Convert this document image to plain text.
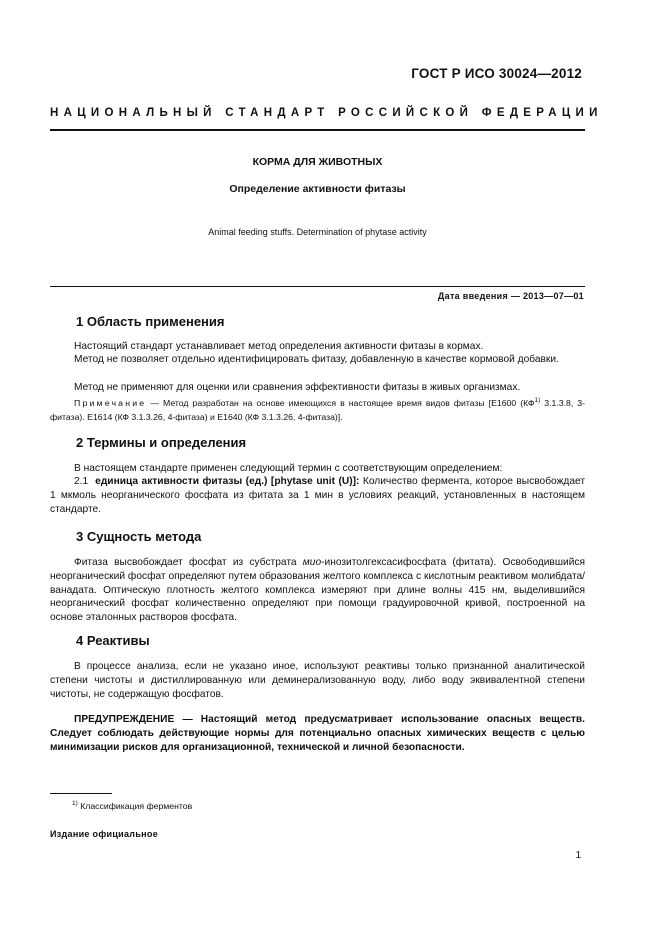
ГОСТ Р ИСО 30024—2012
НАЦИОНАЛЬНЫЙ СТАНДАРТ РОССИЙСКОЙ ФЕДЕРАЦИИ
КОРМА ДЛЯ ЖИВОТНЫХ
Определение активности фитазы
Animal feeding stuffs. Determination of phytase activity
Дата введения — 2013—07—01
1 Область применения
Настоящий стандарт устанавливает метод определения активности фитазы в кормах.
Метод не позволяет отдельно идентифицировать фитазу, добавленную в качестве кормовой добавки.
Метод не применяют для оценки или сравнения эффективности фитазы в живых организмах.
Примечание — Метод разработан на основе имеющихся в настоящее время видов фитазы [Е1600 (КФ$^{1)}$ 3.1.3.8, 3-фитаза). Е1614 (КФ 3.1.3.26, 4-фитаза) и Е1640 (КФ 3.1.3.26, 4-фитаза)].
2 Термины и определения
В настоящем стандарте применен следующий термин с соответствующим определением:
2.1 единица активности фитазы (ед.) [phytase unit (U)]: Количество фермента, которое высвобождает 1 мкмоль неорганического фосфата из фитата за 1 мин в условиях реакций, установленных в настоящем стандарте.
3 Сущность метода
Фитаза высвобождает фосфат из субстрата мио-инозитолгексасифосфата (фитата). Освободившийся неорганический фосфат определяют путем образования желтого комплекса с кислотным реактивом молибдата/ванадата. Оптическую плотность желтого комплекса измеряют при длине волны 415 нм, выделившийся неорганический фосфат количественно определяют при помощи градуировочной кривой, построенной на основе эталонных растворов фосфата.
4 Реактивы
В процессе анализа, если не указано иное, используют реактивы только признанной аналитической степени чистоты и дистиллированную или деминерализованную воду, либо воду эквивалентной степени чистоты, не содержащую фосфатов.
ПРЕДУПРЕЖДЕНИЕ — Настоящий метод предусматривает использование опасных веществ. Следует соблюдать действующие нормы для потенциально опасных химических веществ с целью минимизации рисков для организационной, технической и личной безопасности.
$^{1)}$ Классификация ферментов
Издание официальное
1
